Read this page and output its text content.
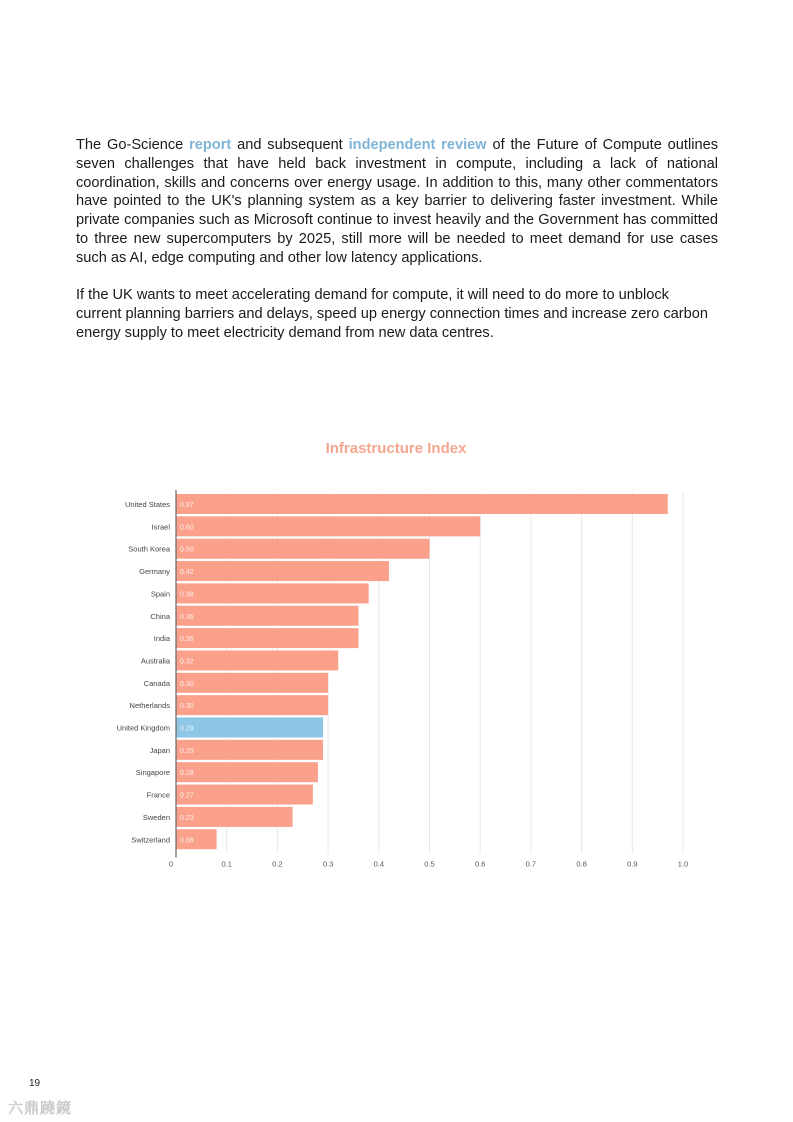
The Go-Science report and subsequent independent review of the Future of Compute outlines seven challenges that have held back investment in compute, including a lack of national coordination, skills and concerns over energy usage. In addition to this, many other commentators have pointed to the UK's planning system as a key barrier to delivering faster investment. While private companies such as Microsoft continue to invest heavily and the Government has committed to three new supercomputers by 2025, still more will be needed to meet demand for use cases such as AI, edge computing and other low latency applications.

If the UK wants to meet accelerating demand for compute, it will need to do more to unblock current planning barriers and delays, speed up energy connection times and increase zero carbon energy supply to meet electricity demand from new data centres.

Infrastructure Index
United States 0.97
Israel 0.60
South Korea 0.50
Germany 0.42
Spain 0.38
China 0.36
India 0.36
Australia 0.32
Canada 0.30
Netherlands 0.30
United Kingdom 0.29
Japan 0.29
Singapore 0.28
France 0.27
Sweden 0.23
Switzerland 0.08
0	0.1	0.2	0.3	0.4	0.5	0.6	0.7	0.8	0.9	1.0
19
六鼎蹺鏡
